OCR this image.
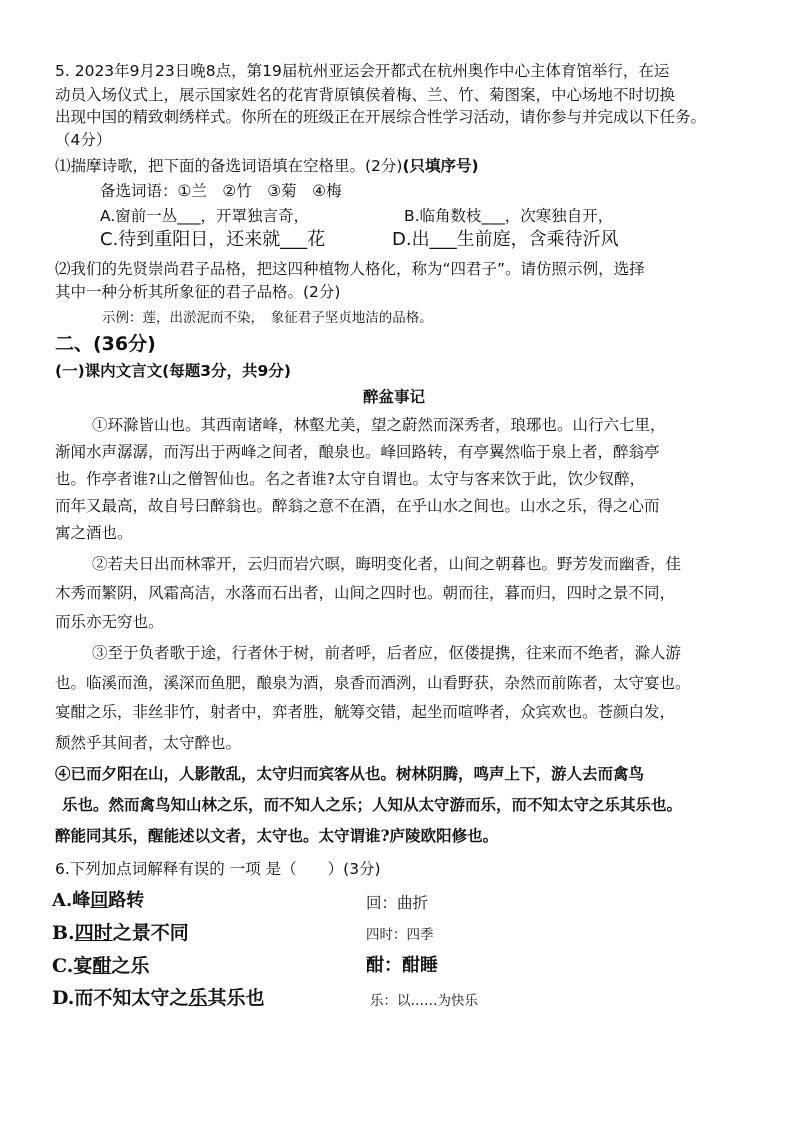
5. 2023年9月23日晚8点，第19届杭州亚运会开都式在杭州奥作中心主体育馆举行，在运
动员入场仪式上，展示国家姓名的花宵背原镇侯着梅、兰、竹、菊图案，中心场地不时切换
出现中国的精致刺绣样式。你所在的班级正在开展综合性学习活动，请你参与并完成以下任务。
（4分）
⑴揣摩诗歌，把下面的备选词语填在空格里。(2分)(只填序号)
备选词语：①兰　②竹　③菊　④梅
A.窗前一丛___，开罩独言奇，	B.临角数枝___，次寒独自开，
C.待到重阳日，还来就___花	D.出___生前庭，含乘待沂风
⑵我们的先贤崇尚君子品格，把这四种植物人格化，称为“四君子”。请仿照示例，选择
其中一种分析其所象征的君子品格。(2分)
示例：莲，出淤泥而不染，　象征君子坚贞地洁的品格。
二、(36分)
(一)课内文言文(每题3分，共9分)
醉盆事记
①环滁皆山也。其西南诸峰，林壑尤美，望之蔚然而深秀者，琅琊也。山行六七里，
渐闻水声潺潺，而泻出于两峰之间者，酿泉也。峰回路转，有亭翼然临于泉上者，醉翁亭
也。作亭者谁?山之僧智仙也。名之者谁?太守自谓也。太守与客来饮于此，饮少钗醉，
而年又最高，故自号曰醉翁也。醉翁之意不在酒，在乎山水之间也。山水之乐，得之心而
寓之酒也。
②若夫日出而林霏开，云归而岩穴暝，晦明变化者，山间之朝暮也。野芳发而幽香，佳
木秀而繁阴，风霜高洁，水落而石出者，山间之四时也。朝而往，暮而归，四时之景不同，
而乐亦无穷也。
③至于负者歌于途，行者休于树，前者呼，后者应，伛偻提携，往来而不绝者，滁人游
也。临溪而渔，溪深而鱼肥，酿泉为酒，泉香而酒洌，山看野获，杂然而前陈者，太守宴也。
宴酣之乐，非丝非竹，射者中，弈者胜，觥筹交错，起坐而喧哗者，众宾欢也。苍颜白发，
颓然乎其间者，太守醉也。
④已而夕阳在山，人影散乱，太守归而宾客从也。树林阴腾，鸣声上下，游人去而禽鸟
乐也。然而禽鸟知山林之乐，而不知人之乐；人知从太守游而乐，而不知太守之乐其乐也。
醉能同其乐，醒能述以文者，太守也。太守谓谁?庐陵欧阳修也。
6.下列加点词解释有误的 一项 是（　　）(3分)
A.峰回路转	回：曲折
B.四时之景不同	四时：四季
C.宴酣之乐	酣：酣睡
D.而不知太守之乐其乐也	乐：以……为快乐
